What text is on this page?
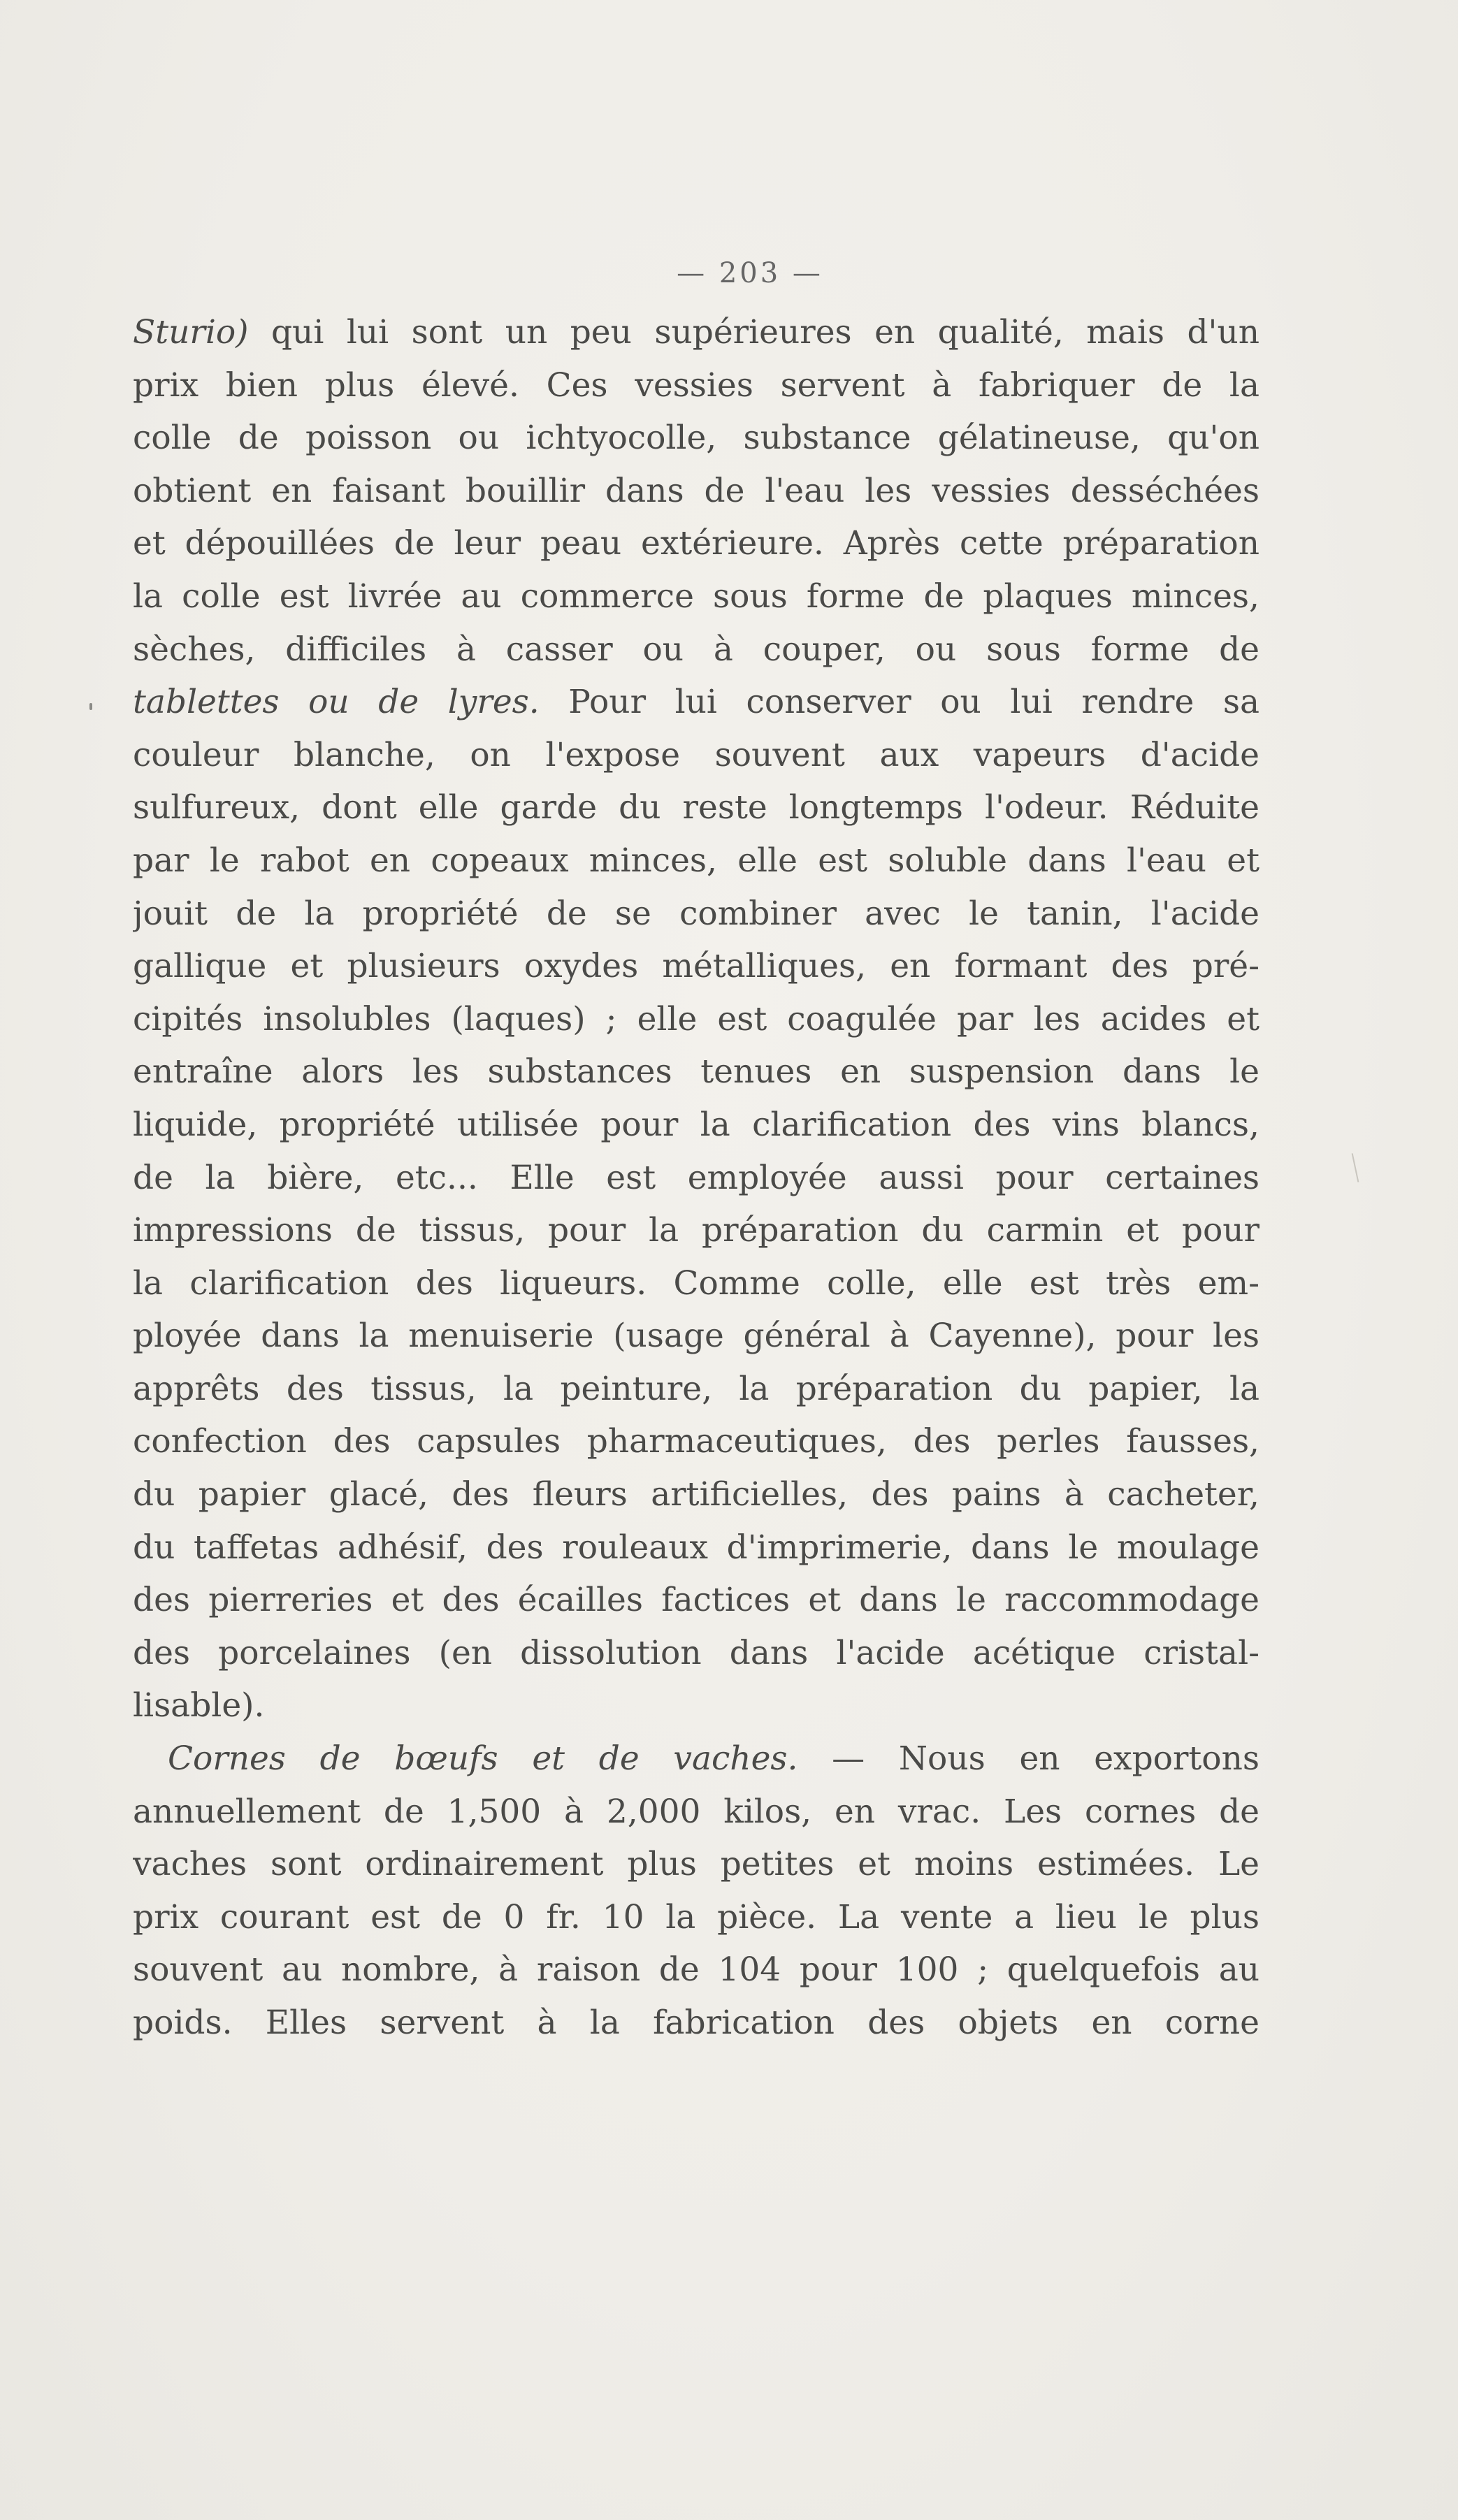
— 203 —
Sturio) qui lui sont un peu supérieures en qualité, mais d'un
prix bien plus élevé. Ces vessies servent à fabriquer de la
colle de poisson ou ichtyocolle, substance gélatineuse, qu'on
obtient en faisant bouillir dans de l'eau les vessies desséchées
et dépouillées de leur peau extérieure. Après cette préparation
la colle est livrée au commerce sous forme de plaques minces,
sèches, difficiles à casser ou à couper, ou sous forme de
tablettes ou de lyres. Pour lui conserver ou lui rendre sa
couleur blanche, on l'expose souvent aux vapeurs d'acide
sulfureux, dont elle garde du reste longtemps l'odeur. Réduite
par le rabot en copeaux minces, elle est soluble dans l'eau et
jouit de la propriété de se combiner avec le tanin, l'acide
gallique et plusieurs oxydes métalliques, en formant des pré-
cipités insolubles (laques) ; elle est coagulée par les acides et
entraîne alors les substances tenues en suspension dans le
liquide, propriété utilisée pour la clarification des vins blancs,
de la bière, etc... Elle est employée aussi pour certaines
impressions de tissus, pour la préparation du carmin et pour
la clarification des liqueurs. Comme colle, elle est très em-
ployée dans la menuiserie (usage général à Cayenne), pour les
apprêts des tissus, la peinture, la préparation du papier, la
confection des capsules pharmaceutiques, des perles fausses,
du papier glacé, des fleurs artificielles, des pains à cacheter,
du taffetas adhésif, des rouleaux d'imprimerie, dans le moulage
des pierreries et des écailles factices et dans le raccommodage
des porcelaines (en dissolution dans l'acide acétique cristal-
lisable).
Cornes de bœufs et de vaches. — Nous en exportons
annuellement de 1,500 à 2,000 kilos, en vrac. Les cornes de
vaches sont ordinairement plus petites et moins estimées. Le
prix courant est de 0 fr. 10 la pièce. La vente a lieu le plus
souvent au nombre, à raison de 104 pour 100 ; quelquefois au
poids. Elles servent à la fabrication des objets en corne
